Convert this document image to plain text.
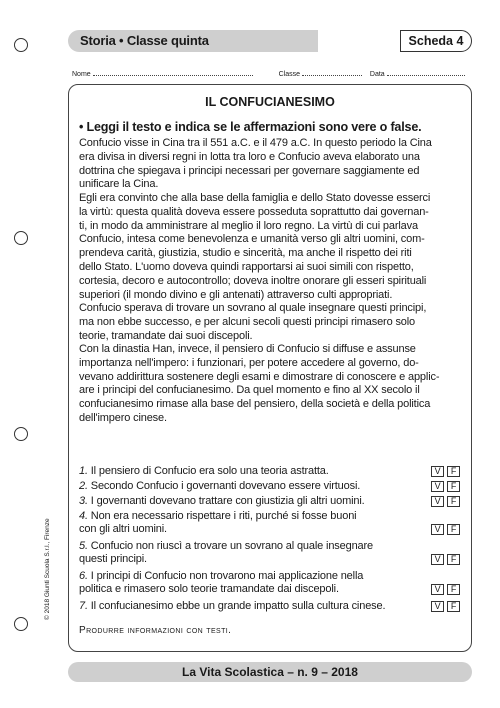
Storia • Classe quinta	Scheda 4
Nome	Classe	Data
IL CONFUCIANESIMO
• Leggi il testo e indica se le affermazioni sono vere o false.
Confucio visse in Cina tra il 551 a.C. e il 479 a.C. In questo periodo la Cina
era divisa in diversi regni in lotta tra loro e Confucio aveva elaborato una
dottrina che spiegava i principi necessari per governare saggiamente ed
unificare la Cina.
Egli era convinto che alla base della famiglia e dello Stato dovesse esserci
la virtù: questa qualità doveva essere posseduta soprattutto dai governan-
ti, in modo da amministrare al meglio il loro regno. La virtù di cui parlava
Confucio, intesa come benevolenza e umanità verso gli altri uomini, com-
prendeva carità, giustizia, studio e sincerità, ma anche il rispetto dei riti
dello Stato. L'uomo doveva quindi rapportarsi ai suoi simili con rispetto,
cortesia, decoro e autocontrollo; doveva inoltre onorare gli esseri spirituali
superiori (il mondo divino e gli antenati) attraverso culti appropriati.
Confucio sperava di trovare un sovrano al quale insegnare questi principi,
ma non ebbe successo, e per alcuni secoli questi principi rimasero solo
teorie, tramandate dai suoi discepoli.
Con la dinastia Han, invece, il pensiero di Confucio si diffuse e assunse
importanza nell'impero: i funzionari, per potere accedere al governo, do-
vevano addirittura sostenere degli esami e dimostrare di conoscere e applic-
are i principi del confucianesimo. Da quel momento e fino al XX secolo il
confucianesimo rimase alla base del pensiero, della società e della politica
dell'impero cinese.
1. Il pensiero di Confucio era solo una teoria astratta.	V	F
2. Secondo Confucio i governanti dovevano essere virtuosi.	V	F
3. I governanti dovevano trattare con giustizia gli altri uomini.	V	F
4. Non era necessario rispettare i riti, purché si fosse buoni
con gli altri uomini.	V	F
5. Confucio non riuscì a trovare un sovrano al quale insegnare
questi principi.	V	F
6. I principi di Confucio non trovarono mai applicazione nella
politica e rimasero solo teorie tramandate dai discepoli.	V	F
7. Il confucianesimo ebbe un grande impatto sulla cultura cinese.	V	F
Produrre informazioni con testi.
© 2018 Giunti Scuola S.r.l., Firenze
La Vita Scolastica – n. 9 – 2018
